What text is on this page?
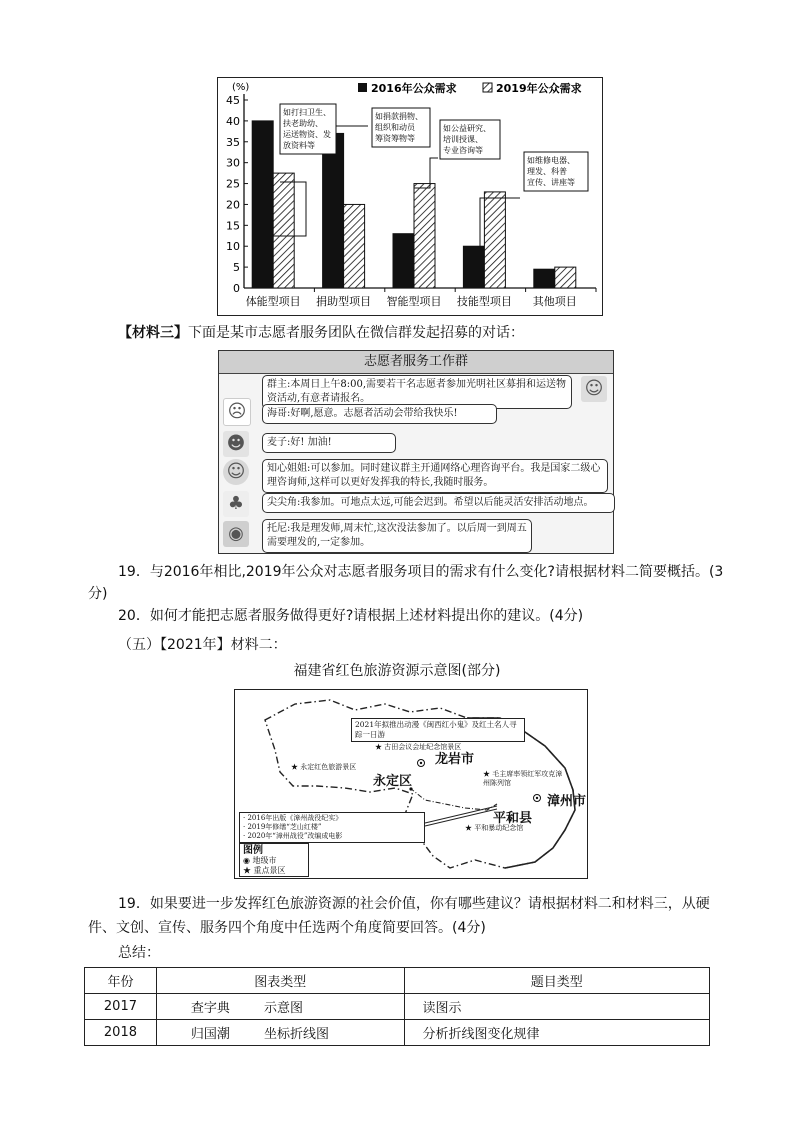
(%)
0
5
10
15
20
25
30
35
40
45
体能型项目 捐助型项目 智能型项目 技能型项目 其他项目
2016年公众需求	2019年公众需求
如打扫卫生、
扶老助幼、
运送物资、发
放资料等
如捐款捐物、
组织和动员
筹资筹物等
如公益研究、
培训授课、
专业咨询等
如维修电器、
理发、科普
宣传、讲座等
【材料三】下面是某市志愿者服务团队在微信群发起招募的对话：
志愿者服务工作群
群主:本周日上午8:00,需要若干名志愿者参加光明社区募捐和运送物资活动,有意者请报名。	☺
☹	海哥:好啊,愿意。志愿者活动会带给我快乐!
☻	麦子:好! 加油!
☺	知心姐姐:可以参加。同时建议群主开通网络心理咨询平台。我是国家二级心理咨询师,这样可以更好发挥我的特长,我随时服务。
♣	尖尖角:我参加。可地点太远,可能会迟到。希望以后能灵活安排活动地点。
◉	托尼:我是理发师,周末忙,这次没法参加了。以后周一到周五需要理发的,一定参加。
19．与2016年相比,2019年公众对志愿者服务项目的需求有什么变化?请根据材料二简要概括。(3
分)
20．如何才能把志愿者服务做得更好?请根据上述材料提出你的建议。(4分)
（五）【2021年】材料二：
福建省红色旅游资源示意图(部分)
2021年拟推出动漫《闽西红小鬼》及红土名人寻踪一日游
★ 古田会议会址纪念馆景区
龙岩市
★ 永定红色旅游景区
永定区	★ 毛主席率领红军攻克漳州陈列馆
漳州市
平和县
★ 平和暴动纪念馆
· 2016年出版《漳州战役纪实》
· 2019年修缮“芝山红楼”
· 2020年“漳州战役”改编成电影
图例
◉ 地级市
★ 重点景区
19．如果要进一步发挥红色旅游资源的社会价值，你有哪些建议？请根据材料二和材料三，从硬
件、文创、宣传、服务四个角度中任选两个角度简要回答。(4分)
总结：
年份	图表类型	题目类型
2017	查字典 示意图	读图示
2018	归国潮 坐标折线图	分析折线图变化规律
